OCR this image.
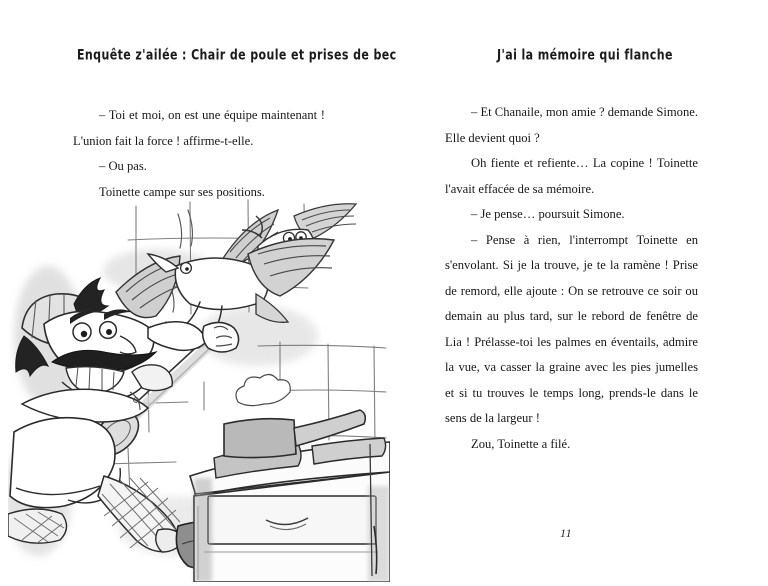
Enquête z'ailée : Chair de poule et prises de bec

– Toi et moi, on est une équipe maintenant ! L'union fait la force ! affirme-t-elle.

– Ou pas.

Toinette campe sur ses positions.

J'ai la mémoire qui flanche

– Et Chanaile, mon amie ? demande Simone. Elle devient quoi ?

Oh fiente et refiente… La copine ! Toinette l'avait effacée de sa mémoire.

– Je pense… poursuit Simone.

– Pense à rien, l'interrompt Toinette en s'envolant. Si je la trouve, je te la ramène ! Prise de remord, elle ajoute : On se retrouve ce soir ou demain au plus tard, sur le rebord de fenêtre de Lia ! Prélasse-toi les palmes en éventails, admire la vue, va casser la graine avec les pies jumelles et si tu trouves le temps long, prends-le dans le sens de la largeur !

Zou, Toinette a filé.

11
